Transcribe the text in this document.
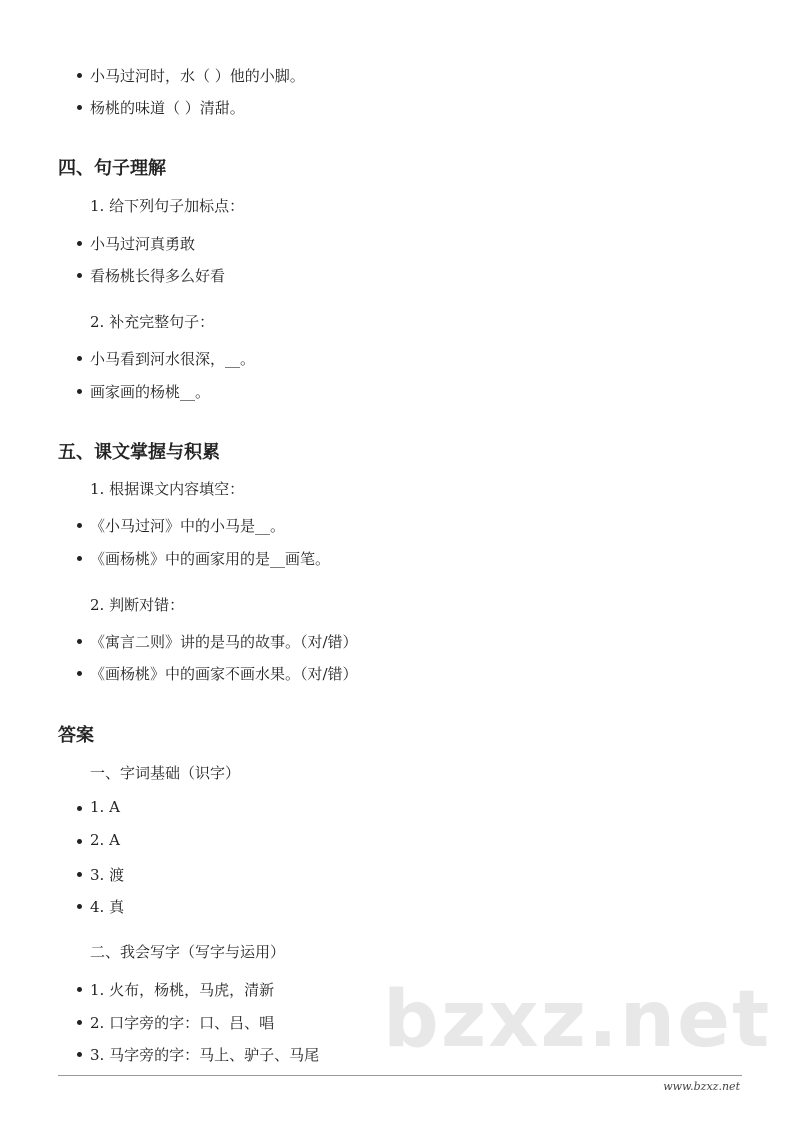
bzxz.net
小马过河时，水（ ）他的小脚。
杨桃的味道（ ）清甜。
四、句子理解
1. 给下列句子加标点：
小马过河真勇敢
看杨桃长得多么好看
2. 补充完整句子：
小马看到河水很深，__。
画家画的杨桃__。
五、课文掌握与积累
1. 根据课文内容填空：
《小马过河》中的小马是__。
《画杨桃》中的画家用的是__画笔。
2. 判断对错：
《寓言二则》讲的是马的故事。（对/错）
《画杨桃》中的画家不画水果。（对/错）
答案
一、字词基础（识字）
1. A
2. A
3. 渡
4. 真
二、我会写字（写字与运用）
1. 火布，杨桃，马虎，清新
2. 口字旁的字：口、吕、唱
3. 马字旁的字：马上、驴子、马尾
www.bzxz.net
